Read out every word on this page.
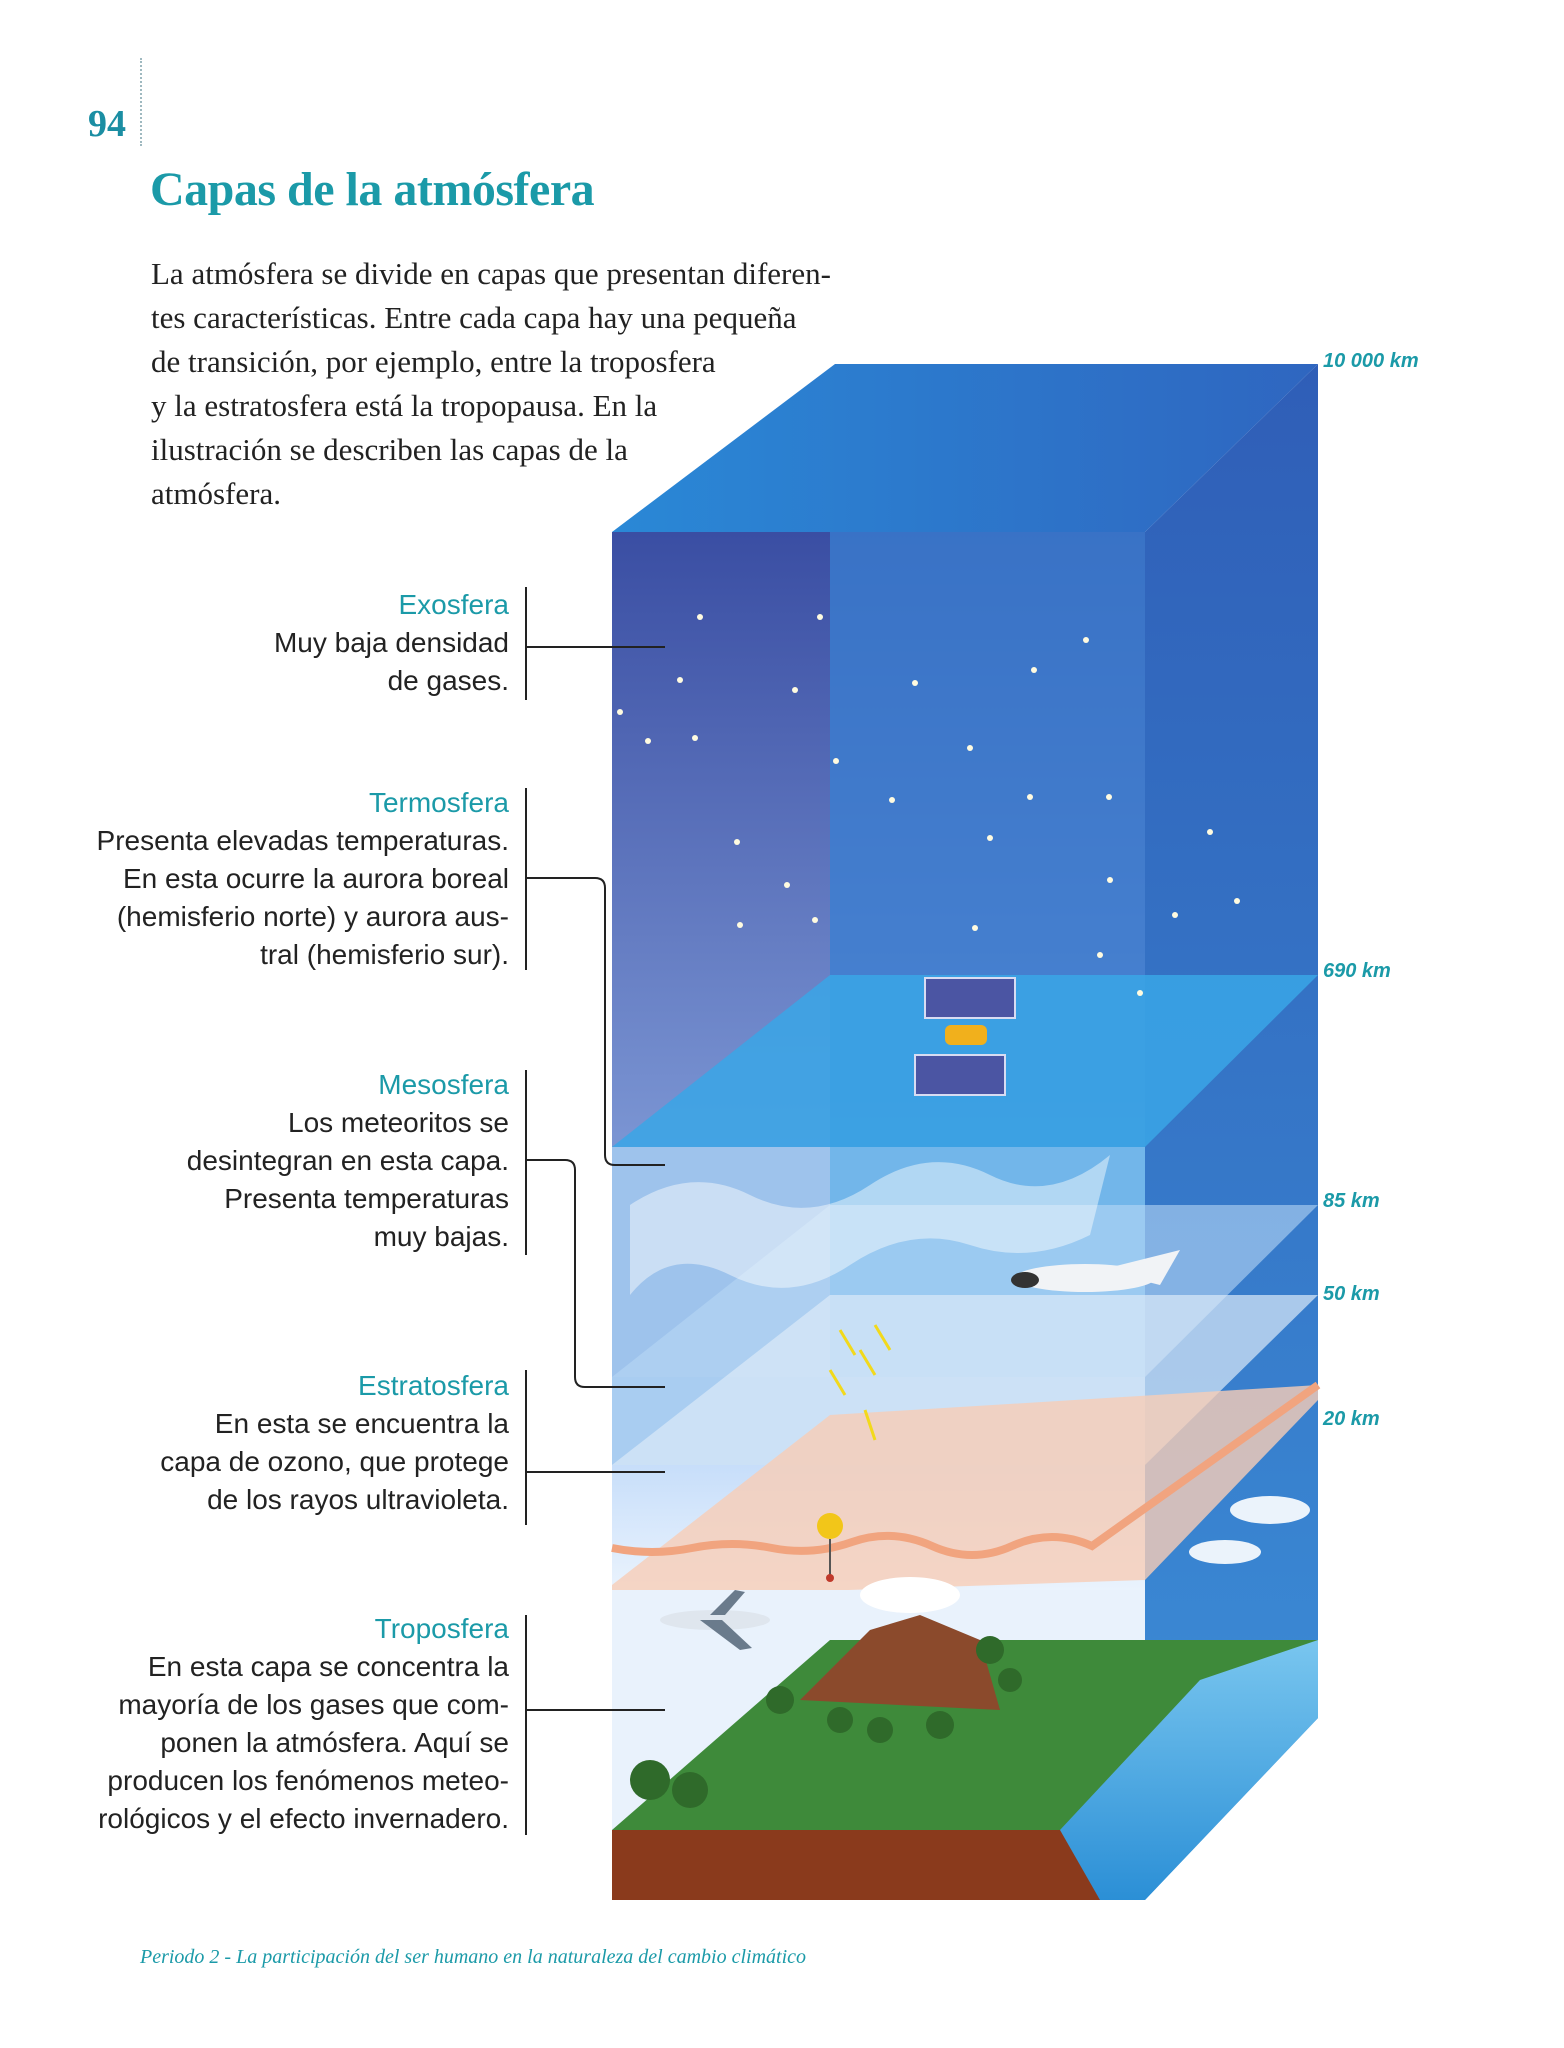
94
Capas de la atmósfera

La atmósfera se divide en capas que presentan diferen-
tes características. Entre cada capa hay una pequeña
de transición, por ejemplo, entre la troposfera
y la estratosfera está la tropopausa. En la
ilustración se describen las capas de la
atmósfera.

Exosfera
Muy baja densidad
de gases.
Termosfera
Presenta elevadas temperaturas.
En esta ocurre la aurora boreal
(hemisferio norte) y aurora aus-
tral (hemisferio sur).
Mesosfera
Los meteoritos se
desintegran en esta capa.
Presenta temperaturas
muy bajas.
Estratosfera
En esta se encuentra la
capa de ozono, que protege
de los rayos ultravioleta.
Troposfera
En esta capa se concentra la
mayoría de los gases que com-
ponen la atmósfera. Aquí se
producen los fenómenos meteo-
rológicos y el efecto invernadero.
10 000 km
690 km
85 km
50 km
20 km
Periodo 2 - La participación del ser humano en la naturaleza del cambio climático
